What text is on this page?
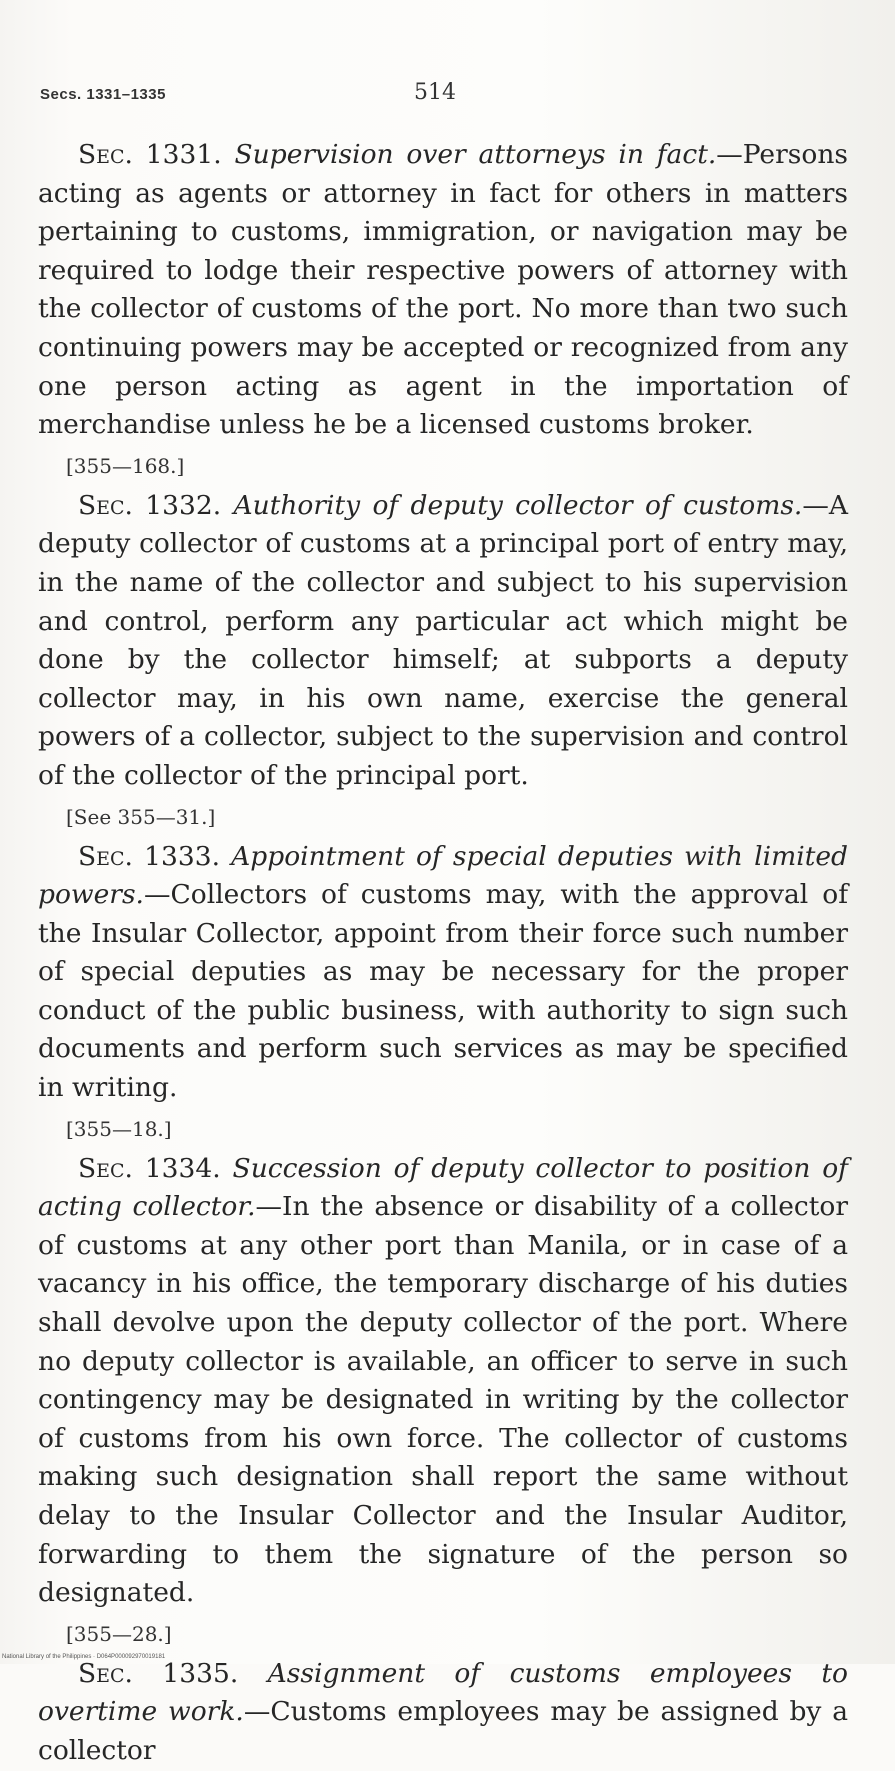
Secs. 1331–1335	514

Sec. 1331. Supervision over attorneys in fact.—Persons acting as agents or attorney in fact for others in matters pertaining to customs, immigration, or navigation may be required to lodge their respective powers of attorney with the collector of customs of the port. No more than two such continuing powers may be accepted or recognized from any one person acting as agent in the importation of merchandise unless he be a licensed customs broker.

[355—168.]

Sec. 1332. Authority of deputy collector of customs.—A deputy collector of customs at a principal port of entry may, in the name of the collector and subject to his supervision and control, perform any particular act which might be done by the collector himself; at subports a deputy collector may, in his own name, exercise the general powers of a collector, subject to the supervision and control of the collector of the principal port.

[See 355—31.]

Sec. 1333. Appointment of special deputies with limited powers.—Collectors of customs may, with the approval of the Insular Collector, appoint from their force such number of special deputies as may be necessary for the proper conduct of the public business, with authority to sign such documents and perform such services as may be specified in writing.

[355—18.]

Sec. 1334. Succession of deputy collector to position of acting collector.—In the absence or disability of a collector of customs at any other port than Manila, or in case of a vacancy in his office, the temporary discharge of his duties shall devolve upon the deputy collector of the port. Where no deputy collector is available, an officer to serve in such contingency may be designated in writing by the collector of customs from his own force. The collector of customs making such designation shall report the same without delay to the Insular Collector and the Insular Auditor, forwarding to them the signature of the person so designated.

[355—28.]

Sec. 1335. Assignment of customs employees to overtime work.—Customs employees may be assigned by a collector

National Library of the Philippines · D064P000092970019181
